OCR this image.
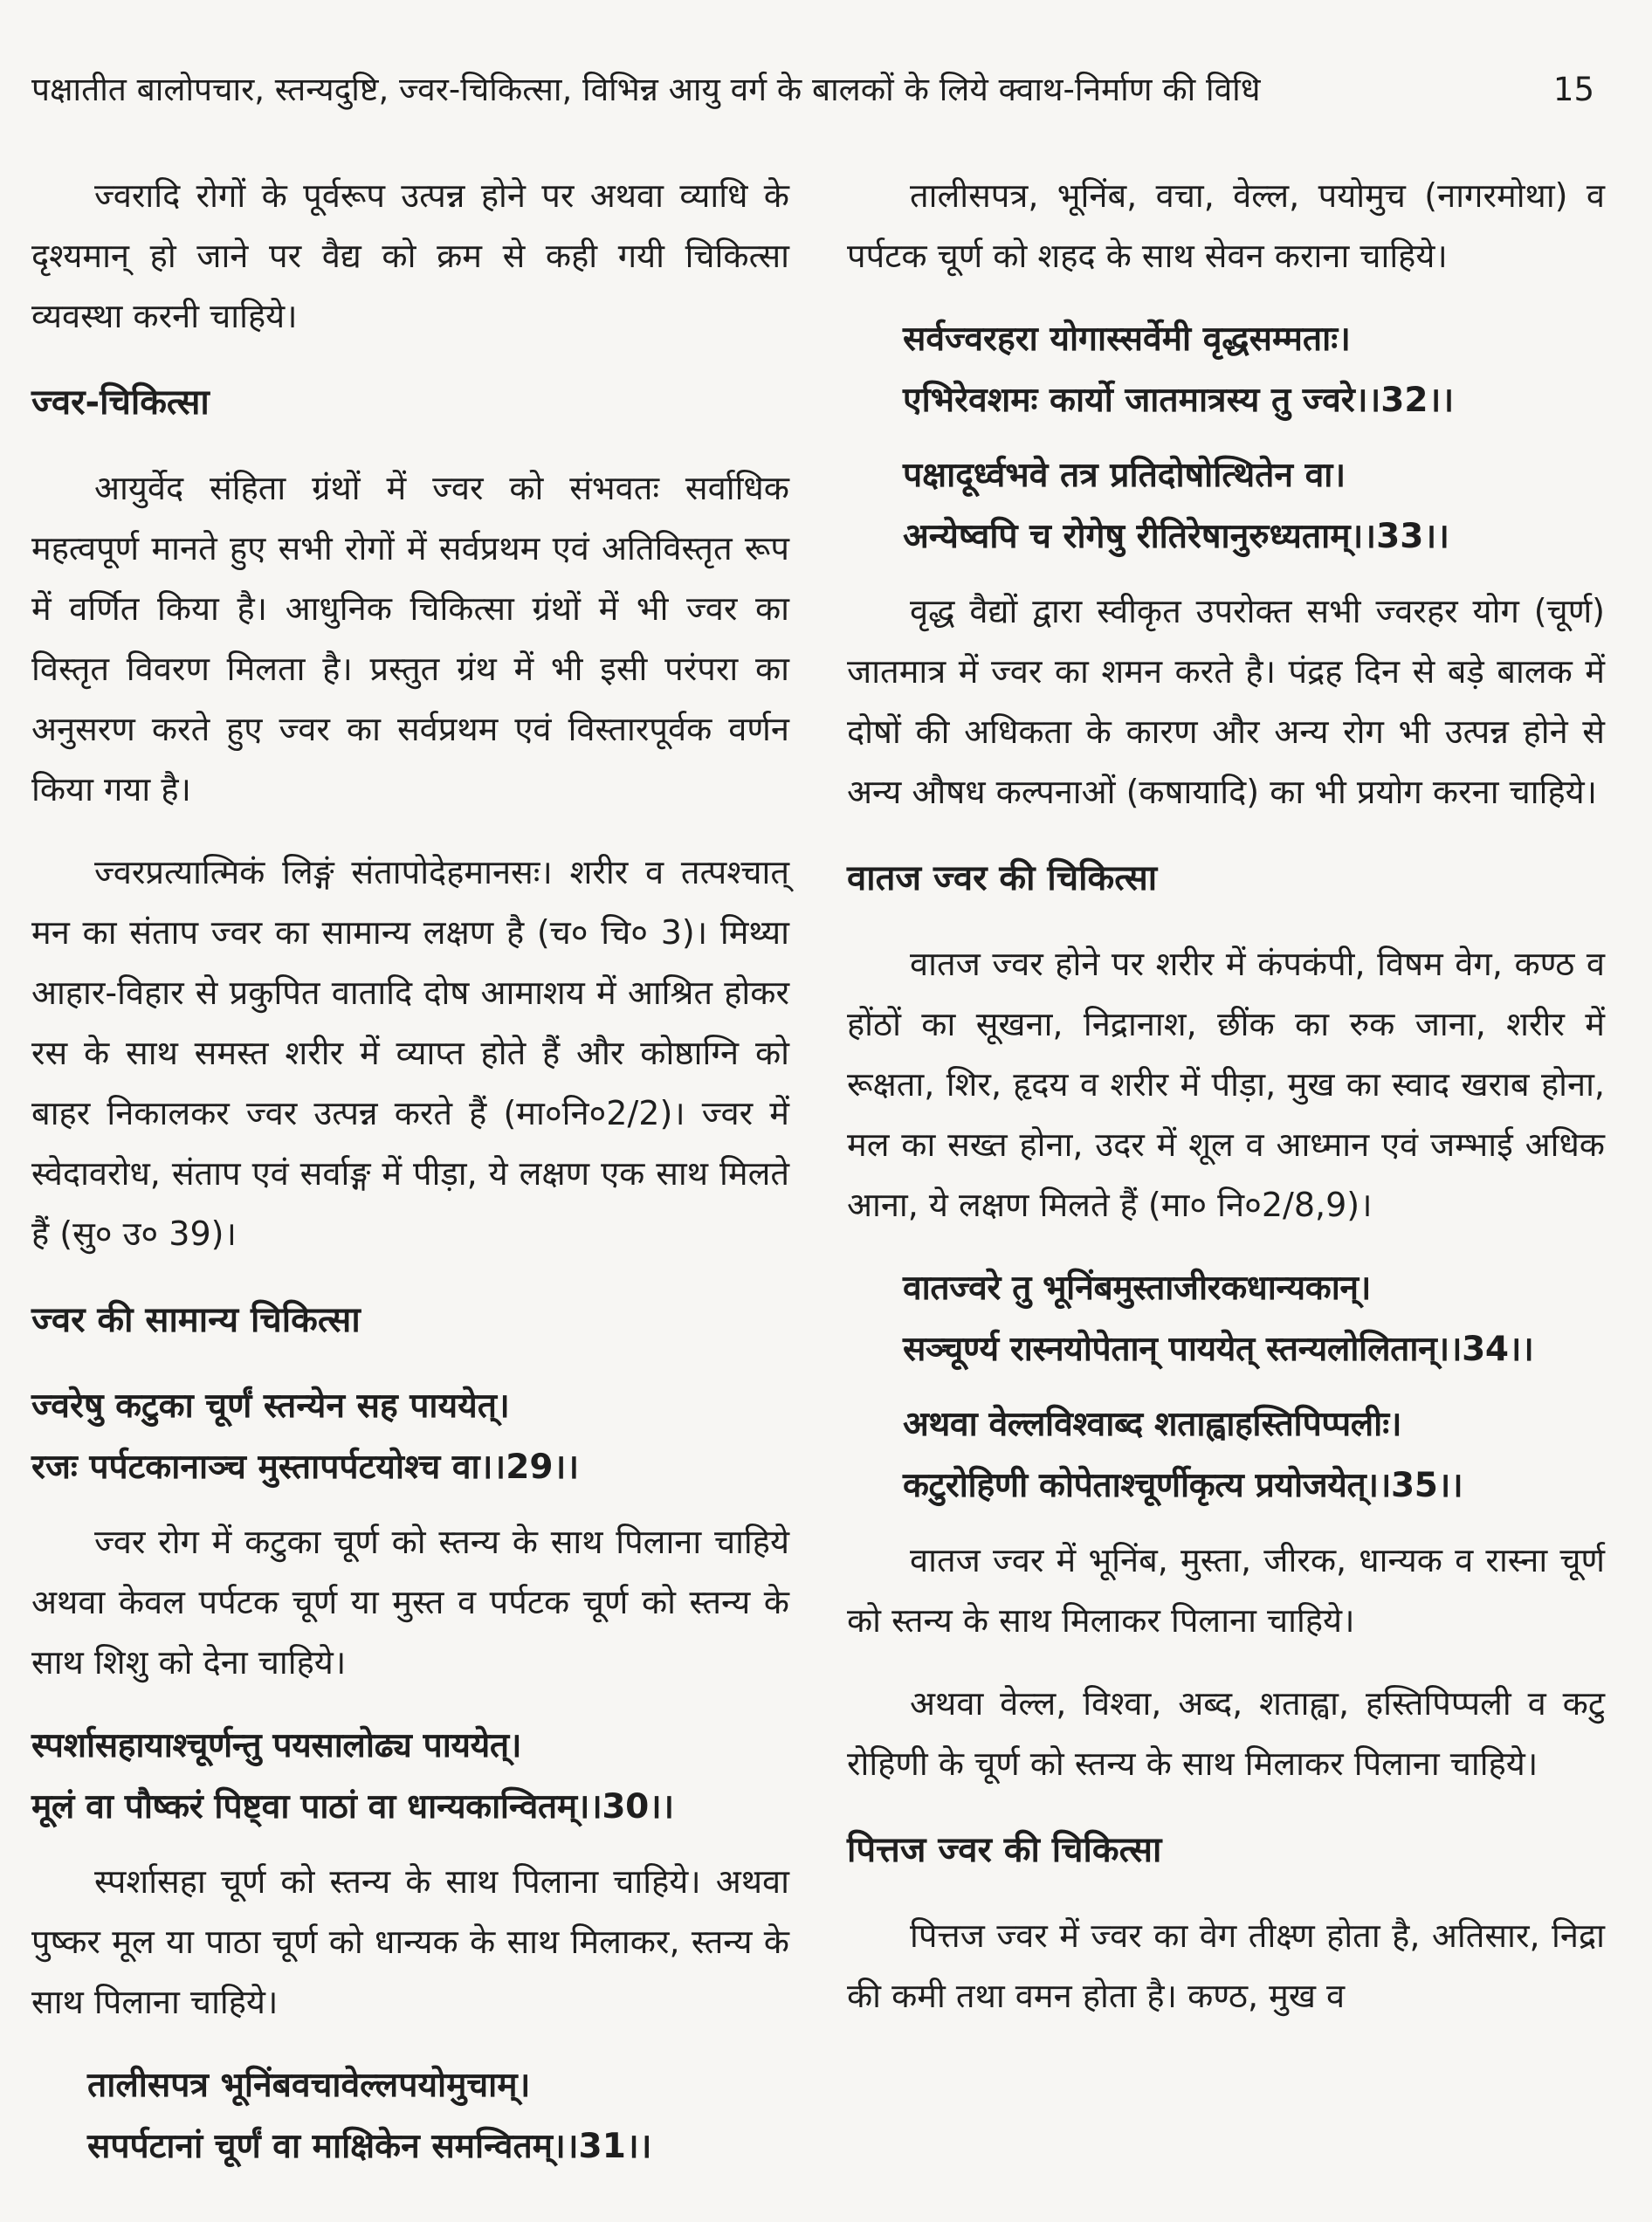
पक्षातीत बालोपचार, स्तन्यदुष्टि, ज्वर-चिकित्सा, विभिन्न आयु वर्ग के बालकों के लिये क्वाथ-निर्माण की विधि	15

ज्वरादि रोगों के पूर्वरूप उत्पन्न होने पर अथवा व्याधि के दृश्यमान् हो जाने पर वैद्य को क्रम से कही गयी चिकित्सा व्यवस्था करनी चाहिये।

ज्वर-चिकित्सा

आयुर्वेद संहिता ग्रंथों में ज्वर को संभवतः सर्वाधिक महत्वपूर्ण मानते हुए सभी रोगों में सर्वप्रथम एवं अतिविस्तृत रूप में वर्णित किया है। आधुनिक चिकित्सा ग्रंथों में भी ज्वर का विस्तृत विवरण मिलता है। प्रस्तुत ग्रंथ में भी इसी परंपरा का अनुसरण करते हुए ज्वर का सर्वप्रथम एवं विस्तारपूर्वक वर्णन किया गया है।

ज्वरप्रत्यात्मिकं लिङ्गं संतापोदेहमानसः। शरीर व तत्पश्चात् मन का संताप ज्वर का सामान्य लक्षण है (च० चि० 3)। मिथ्या आहार-विहार से प्रकुपित वातादि दोष आमाशय में आश्रित होकर रस के साथ समस्त शरीर में व्याप्त होते हैं और कोष्ठाग्नि को बाहर निकालकर ज्वर उत्पन्न करते हैं (मा०नि०2/2)। ज्वर में स्वेदावरोध, संताप एवं सर्वाङ्ग में पीड़ा, ये लक्षण एक साथ मिलते हैं (सु० उ० 39)।

ज्वर की सामान्य चिकित्सा
ज्वरेषु कटुका चूर्णं स्तन्येन सह पाययेत्।
रजः पर्पटकानाञ्च मुस्तापर्पटयोश्च वा।।29।।

ज्वर रोग में कटुका चूर्ण को स्तन्य के साथ पिलाना चाहिये अथवा केवल पर्पटक चूर्ण या मुस्त व पर्पटक चूर्ण को स्तन्य के साथ शिशु को देना चाहिये।

स्पर्शासहायाश्चूर्णन्तु पयसालोढ्य पाययेत्।
मूलं वा पौष्करं पिष्ट्वा पाठां वा धान्यकान्वितम्।।30।।

स्पर्शासहा चूर्ण को स्तन्य के साथ पिलाना चाहिये। अथवा पुष्कर मूल या पाठा चूर्ण को धान्यक के साथ मिलाकर, स्तन्य के साथ पिलाना चाहिये।

तालीसपत्र भूनिंबवचावेल्लपयोमुचाम्।
सपर्पटानां चूर्णं वा माक्षिकेन समन्वितम्।।31।।

तालीसपत्र, भूनिंब, वचा, वेल्ल, पयोमुच (नागरमोथा) व पर्पटक चूर्ण को शहद के साथ सेवन कराना चाहिये।

सर्वज्वरहरा योगास्सर्वेमी वृद्धसम्मताः।
एभिरेवशमः कार्यो जातमात्रस्य तु ज्वरे।।32।।
पक्षादूर्ध्वभवे तत्र प्रतिदोषोत्थितेन वा।
अन्येष्वपि च रोगेषु रीतिरेषानुरुध्यताम्।।33।।

वृद्ध वैद्यों द्वारा स्वीकृत उपरोक्त सभी ज्वरहर योग (चूर्ण) जातमात्र में ज्वर का शमन करते है। पंद्रह दिन से बड़े बालक में दोषों की अधिकता के कारण और अन्य रोग भी उत्पन्न होने से अन्य औषध कल्पनाओं (कषायादि) का भी प्रयोग करना चाहिये।

वातज ज्वर की चिकित्सा

वातज ज्वर होने पर शरीर में कंपकंपी, विषम वेग, कण्ठ व होंठों का सूखना, निद्रानाश, छींक का रुक जाना, शरीर में रूक्षता, शिर, हृदय व शरीर में पीड़ा, मुख का स्वाद खराब होना, मल का सख्त होना, उदर में शूल व आध्मान एवं जम्भाई अधिक आना, ये लक्षण मिलते हैं (मा० नि०2/8,9)।

वातज्वरे तु भूनिंबमुस्ताजीरकधान्यकान्।
सञ्चूर्ण्य रास्नयोपेतान् पाययेत् स्तन्यलोलितान्।।34।।
अथवा वेल्लविश्वाब्द शताह्वाहस्तिपिप्पलीः।
कटुरोहिणी कोपेताश्चूर्णीकृत्य प्रयोजयेत्।।35।।

वातज ज्वर में भूनिंब, मुस्ता, जीरक, धान्यक व रास्ना चूर्ण को स्तन्य के साथ मिलाकर पिलाना चाहिये।

अथवा वेल्ल, विश्वा, अब्द, शताह्वा, हस्तिपिप्पली व कटु रोहिणी के चूर्ण को स्तन्य के साथ मिलाकर पिलाना चाहिये।

पित्तज ज्वर की चिकित्सा

पित्तज ज्वर में ज्वर का वेग तीक्ष्ण होता है, अतिसार, निद्रा की कमी तथा वमन होता है। कण्ठ, मुख व
